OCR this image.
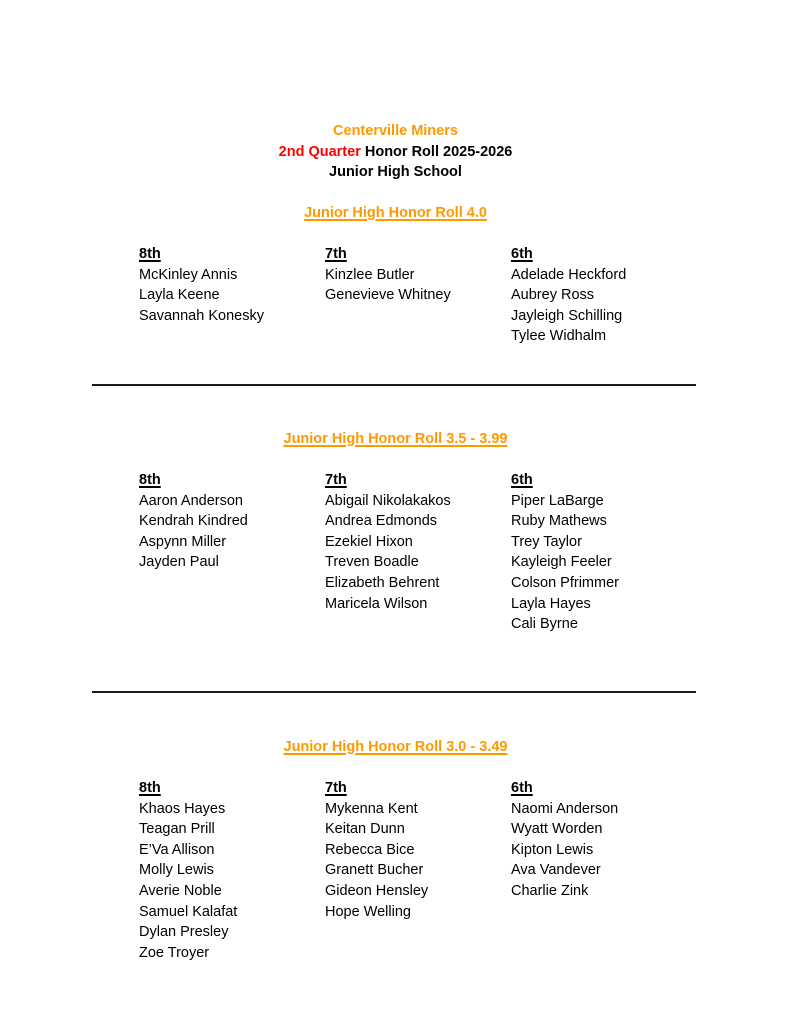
Centerville Miners
2nd Quarter Honor Roll 2025-2026
Junior High School
Junior High Honor Roll 4.0
8th
McKinley Annis
Layla Keene
Savannah Konesky
7th
Kinzlee Butler
Genevieve Whitney
6th
Adelade Heckford
Aubrey Ross
Jayleigh Schilling
Tylee Widhalm
Junior High Honor Roll 3.5 - 3.99
8th
Aaron Anderson
Kendrah Kindred
Aspynn Miller
Jayden Paul
7th
Abigail Nikolakakos
Andrea Edmonds
Ezekiel Hixon
Treven Boadle
Elizabeth Behrent
Maricela Wilson
6th
Piper LaBarge
Ruby Mathews
Trey Taylor
Kayleigh Feeler
Colson Pfrimmer
Layla Hayes
Cali Byrne
Junior High Honor Roll 3.0 - 3.49
8th
Khaos Hayes
Teagan Prill
E’Va Allison
Molly Lewis
Averie Noble
Samuel Kalafat
Dylan Presley
Zoe Troyer
7th
Mykenna Kent
Keitan Dunn
Rebecca Bice
Granett Bucher
Gideon Hensley
Hope Welling
6th
Naomi Anderson
Wyatt Worden
Kipton Lewis
Ava Vandever
Charlie Zink
